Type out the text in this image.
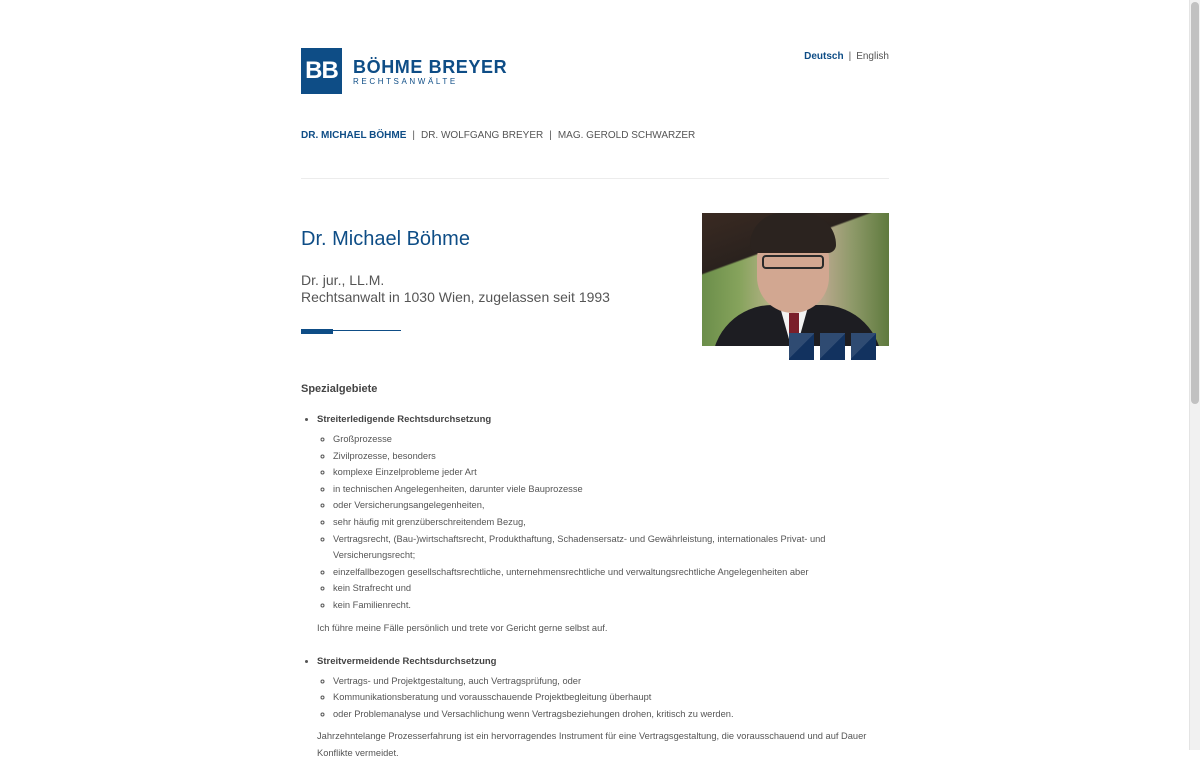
BB BÖHME BREYER
RECHTSANWÄLTE
Deutsch | English
DR. MICHAEL BÖHME | DR. WOLFGANG BREYER | MAG. GEROLD SCHWARZER
Dr. Michael Böhme
Dr. jur., LL.M.
Rechtsanwalt in 1030 Wien, zugelassen seit 1993
Spezialgebiete
• Streiterledigende Rechtsdurchsetzung
◦ Großprozesse
◦ Zivilprozesse, besonders
◦ komplexe Einzelprobleme jeder Art
◦ in technischen Angelegenheiten, darunter viele Bauprozesse
◦ oder Versicherungsangelegenheiten,
◦ sehr häufig mit grenzüberschreitendem Bezug,
◦ Vertragsrecht, (Bau-)wirtschaftsrecht, Produkthaftung, Schadensersatz- und Gewährleistung, internationales Privat- und Versicherungsrecht;
◦ einzelfallbezogen gesellschaftsrechtliche, unternehmensrechtliche und verwaltungsrechtliche Angelegenheiten aber
◦ kein Strafrecht und
◦ kein Familienrecht.

Ich führe meine Fälle persönlich und trete vor Gericht gerne selbst auf.

• Streitvermeidende Rechtsdurchsetzung
◦ Vertrags- und Projektgestaltung, auch Vertragsprüfung, oder
◦ Kommunikationsberatung und vorausschauende Projektbegleitung überhaupt
◦ oder Problemanalyse und Versachlichung wenn Vertragsbeziehungen drohen, kritisch zu werden.

Jahrzehntelange Prozesserfahrung ist ein hervorragendes Instrument für eine Vertragsgestaltung, die vorausschauend und auf Dauer Konflikte vermeidet.
